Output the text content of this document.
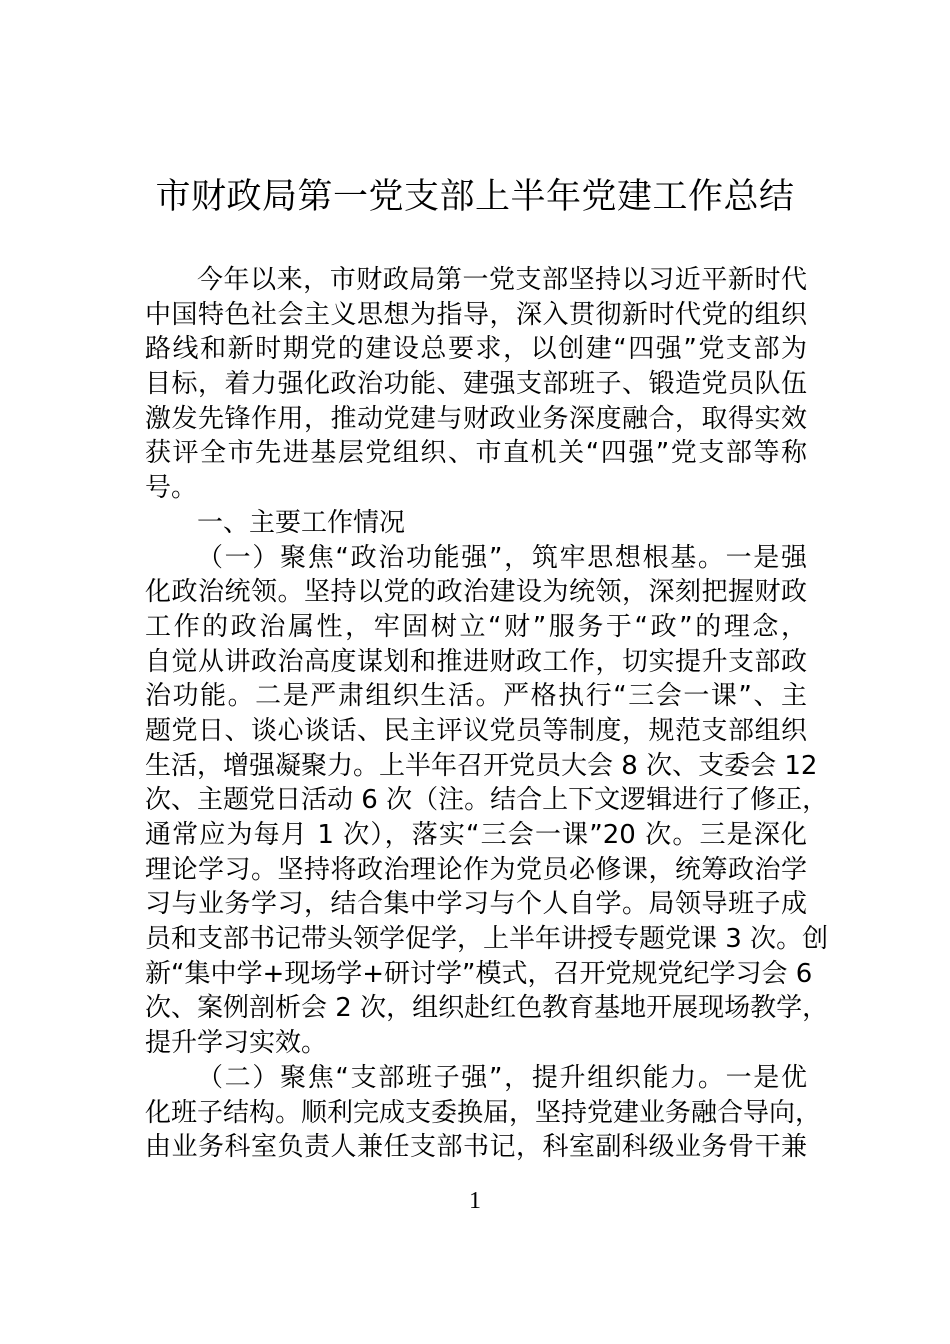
市财政局第一党支部上半年党建工作总结
今年以来，市财政局第一党支部坚持以习近平新时代
中国特色社会主义思想为指导，深入贯彻新时代党的组织
路线和新时期党的建设总要求，以创建“四强”党支部为
目标，着力强化政治功能、建强支部班子、锻造党员队伍
激发先锋作用，推动党建与财政业务深度融合，取得实效
获评全市先进基层党组织、市直机关“四强”党支部等称
号。
一、主要工作情况
（一）聚焦“政治功能强”，筑牢思想根基。一是强
化政治统领。坚持以党的政治建设为统领，深刻把握财政
工作的政治属性，牢固树立“财”服务于“政”的理念，
自觉从讲政治高度谋划和推进财政工作，切实提升支部政
治功能。二是严肃组织生活。严格执行“三会一课”、主
题党日、谈心谈话、民主评议党员等制度，规范支部组织
生活，增强凝聚力。上半年召开党员大会 8 次、支委会 12
次、主题党日活动 6 次（注。结合上下文逻辑进行了修正，
通常应为每月 1 次），落实“三会一课”20 次。三是深化
理论学习。坚持将政治理论作为党员必修课，统筹政治学
习与业务学习，结合集中学习与个人自学。局领导班子成
员和支部书记带头领学促学，上半年讲授专题党课 3 次。创
新“集中学+现场学+研讨学”模式，召开党规党纪学习会 6
次、案例剖析会 2 次，组织赴红色教育基地开展现场教学，
提升学习实效。
（二）聚焦“支部班子强”，提升组织能力。一是优
化班子结构。顺利完成支委换届，坚持党建业务融合导向，
由业务科室负责人兼任支部书记，科室副科级业务骨干兼
1
